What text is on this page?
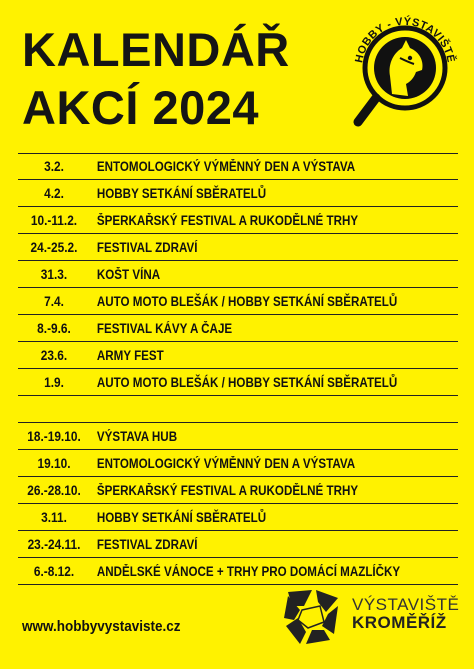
KALENDÁŘ
AKCÍ 2024
HOBBY - VÝSTAVIŠTĚ
3.2.	ENTOMOLOGICKÝ VÝMĚNNÝ DEN A VÝSTAVA
4.2.	HOBBY SETKÁNÍ SBĚRATELŮ
10.-11.2.	ŠPERKAŘSKÝ FESTIVAL A RUKODĚLNÉ TRHY
24.-25.2.	FESTIVAL ZDRAVÍ
31.3.	KOŠT VÍNA
7.4.	AUTO MOTO BLEŠÁK / HOBBY SETKÁNÍ SBĚRATELŮ
8.-9.6.	FESTIVAL KÁVY A ČAJE
23.6.	ARMY FEST
1.9.	AUTO MOTO BLEŠÁK / HOBBY SETKÁNÍ SBĚRATELŮ
18.-19.10.	VÝSTAVA HUB
19.10.	ENTOMOLOGICKÝ VÝMĚNNÝ DEN A VÝSTAVA
26.-28.10.	ŠPERKAŘSKÝ FESTIVAL A RUKODĚLNÉ TRHY
3.11.	HOBBY SETKÁNÍ SBĚRATELŮ
23.-24.11.	FESTIVAL ZDRAVÍ
6.-8.12.	ANDĚLSKÉ VÁNOCE + TRHY PRO DOMÁCÍ MAZLÍČKY
www.hobbyvystaviste.cz
VÝSTAVIŠTĚ
KROMĚŘÍŽ
